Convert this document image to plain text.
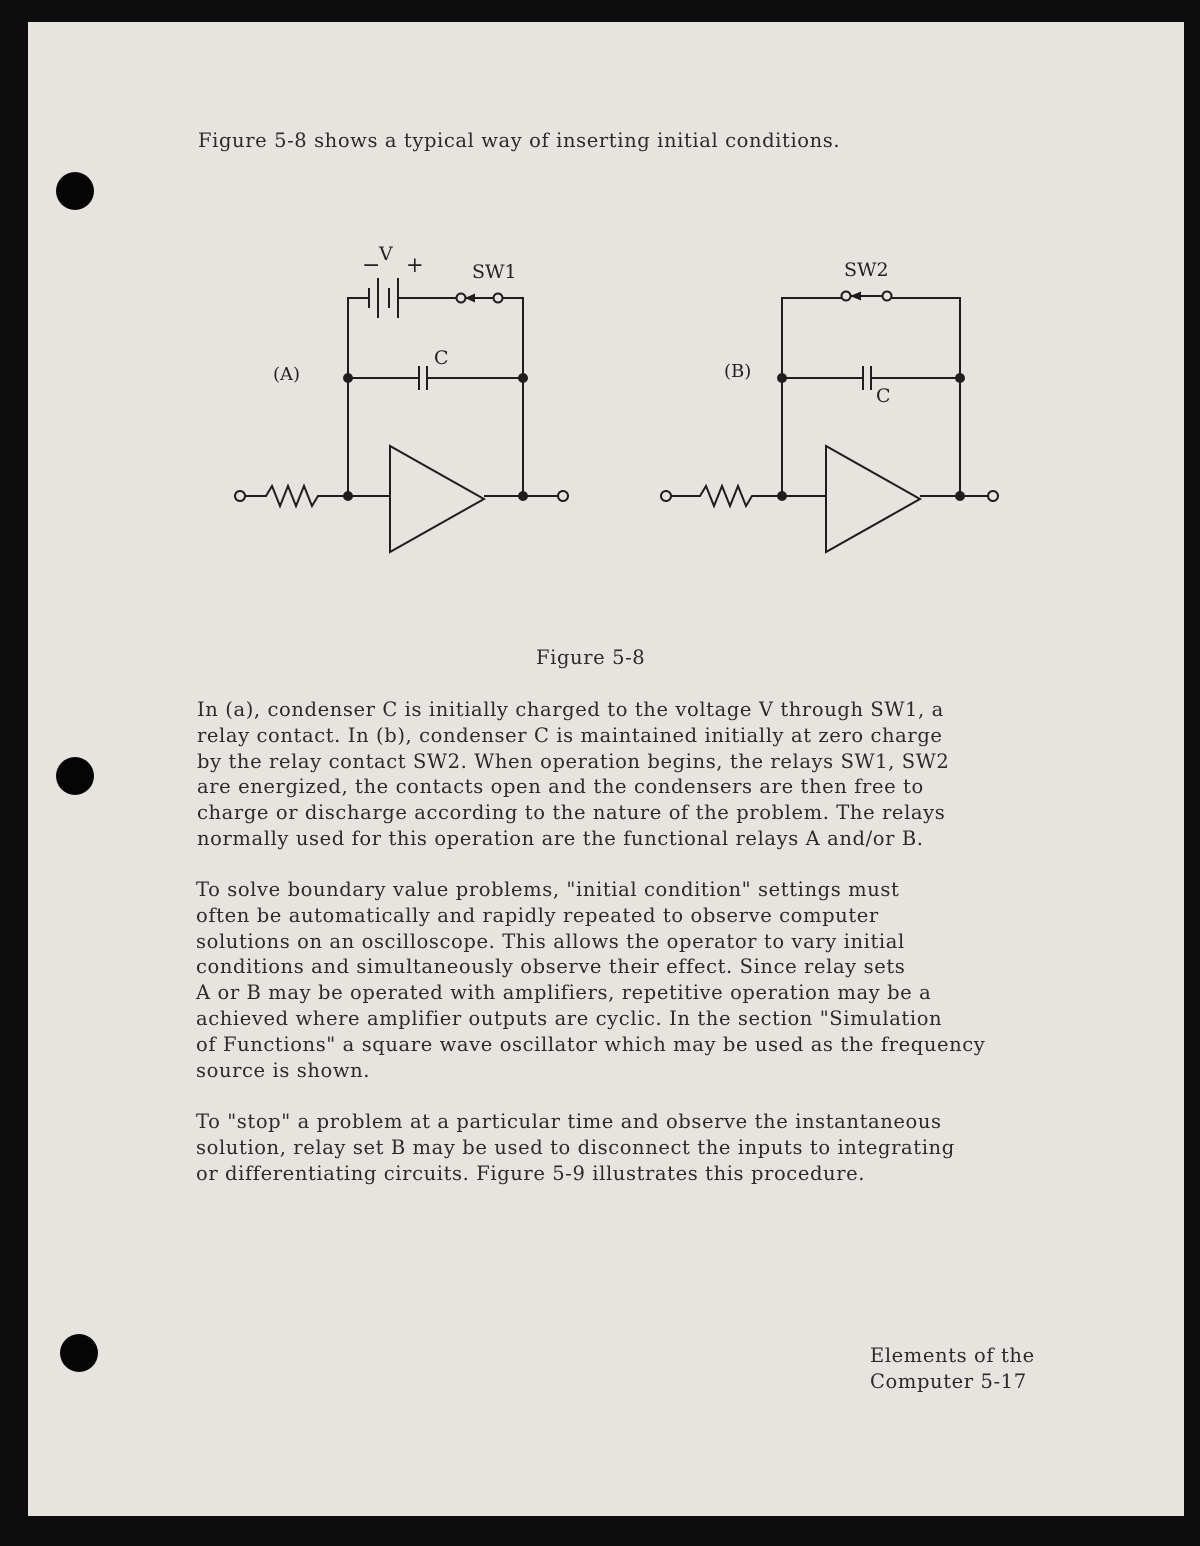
Figure 5-8 shows a typical way of inserting initial conditions.
(A)
−
V +	SW1
C
(B)
SW2
C
Figure 5-8
In (a), condenser C is initially charged to the voltage V through SW1, a
relay contact. In (b), condenser C is maintained initially at zero charge
by the relay contact SW2. When operation begins, the relays SW1, SW2
are energized, the contacts open and the condensers are then free to
charge or discharge according to the nature of the problem. The relays
normally used for this operation are the functional relays A and/or B.
To solve boundary value problems, "initial condition" settings must
often be automatically and rapidly repeated to observe computer
solutions on an oscilloscope. This allows the operator to vary initial
conditions and simultaneously observe their effect. Since relay sets
A or B may be operated with amplifiers, repetitive operation may be a
achieved where amplifier outputs are cyclic. In the section "Simulation
of Functions" a square wave oscillator which may be used as the frequency
source is shown.
To "stop" a problem at a particular time and observe the instantaneous
solution, relay set B may be used to disconnect the inputs to integrating
or differentiating circuits. Figure 5-9 illustrates this procedure.
Elements of the
Computer 5-17
